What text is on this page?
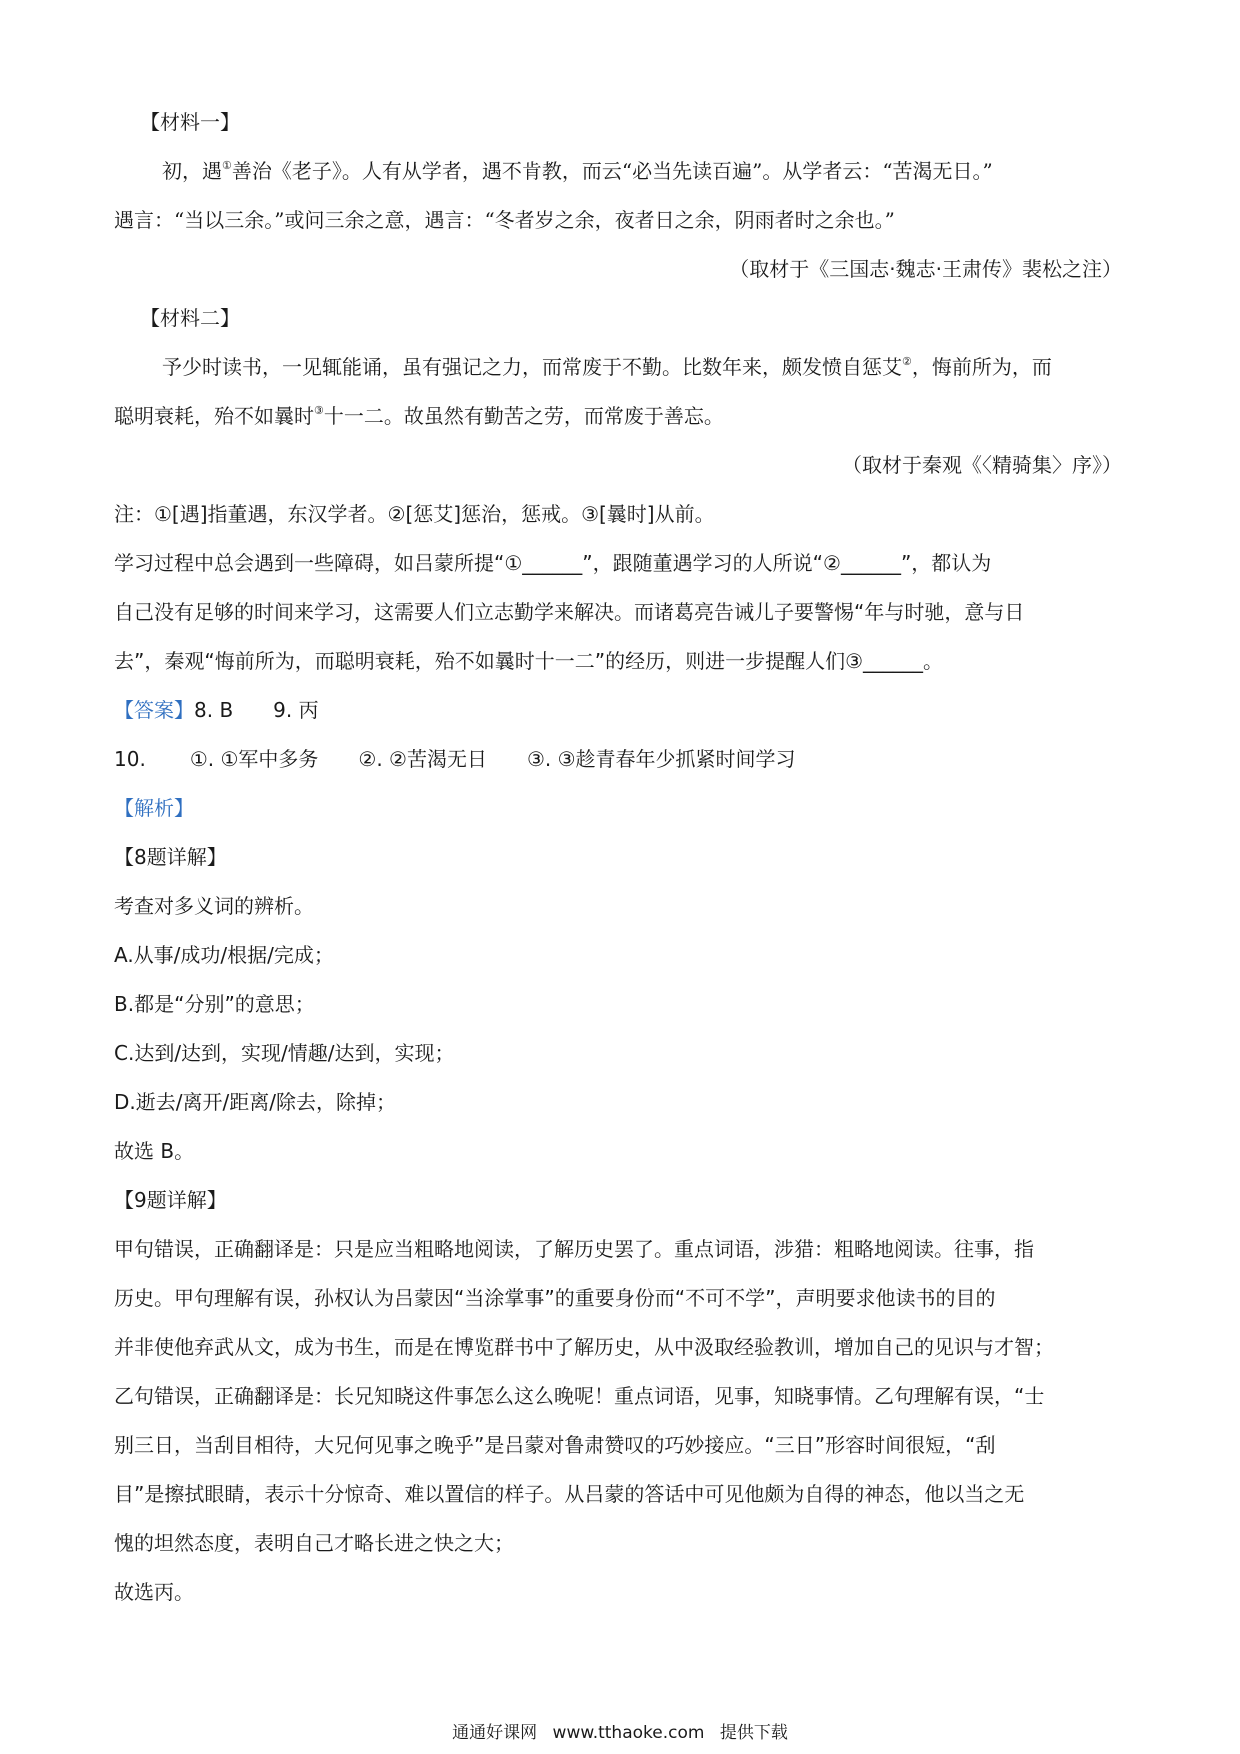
【材料一】

初，遇①善治《老子》。人有从学者，遇不肯教，而云“必当先读百遍”。从学者云：“苦渴无日。”

遇言：“当以三余。”或问三余之意，遇言：“冬者岁之余，夜者日之余，阴雨者时之余也。”

（取材于《三国志·魏志·王肃传》裴松之注）

【材料二】

予少时读书，一见辄能诵，虽有强记之力，而常废于不勤。比数年来，颇发愤自惩艾②，悔前所为，而

聪明衰耗，殆不如曩时③十一二。故虽然有勤苦之劳，而常废于善忘。

（取材于秦观《〈精骑集〉序》）

注：①[遇]指董遇，东汉学者。②[惩艾]惩治，惩戒。③[曩时]从前。

学习过程中总会遇到一些障碍，如吕蒙所提“①______”，跟随董遇学习的人所说“②______”，都认为

自己没有足够的时间来学习，这需要人们立志勤学来解决。而诸葛亮告诫儿子要警惕“年与时驰，意与日

去”，秦观“悔前所为，而聪明衰耗，殆不如曩时十一二”的经历，则进一步提醒人们③______。

【答案】8. B 9. 丙

10. ①. ①军中多务 ②. ②苦渴无日 ③. ③趁青春年少抓紧时间学习

【解析】

【8题详解】

考查对多义词的辨析。

A.从事/成功/根据/完成；

B.都是“分别”的意思；

C.达到/达到，实现/情趣/达到，实现；

D.逝去/离开/距离/除去，除掉；

故选 B。

【9题详解】

甲句错误，正确翻译是：只是应当粗略地阅读，了解历史罢了。重点词语，涉猎：粗略地阅读。往事，指

历史。甲句理解有误，孙权认为吕蒙因“当涂掌事”的重要身份而“不可不学”，声明要求他读书的目的

并非使他弃武从文，成为书生，而是在博览群书中了解历史，从中汲取经验教训，增加自己的见识与才智；

乙句错误，正确翻译是：长兄知晓这件事怎么这么晚呢！重点词语，见事，知晓事情。乙句理解有误，“士

别三日，当刮目相待，大兄何见事之晚乎”是吕蒙对鲁肃赞叹的巧妙接应。“三日”形容时间很短，“刮

目”是擦拭眼睛，表示十分惊奇、难以置信的样子。从吕蒙的答话中可见他颇为自得的神态，他以当之无

愧的坦然态度，表明自己才略长进之快之大；

故选丙。

通通好课网 www.tthaoke.com 提供下载
